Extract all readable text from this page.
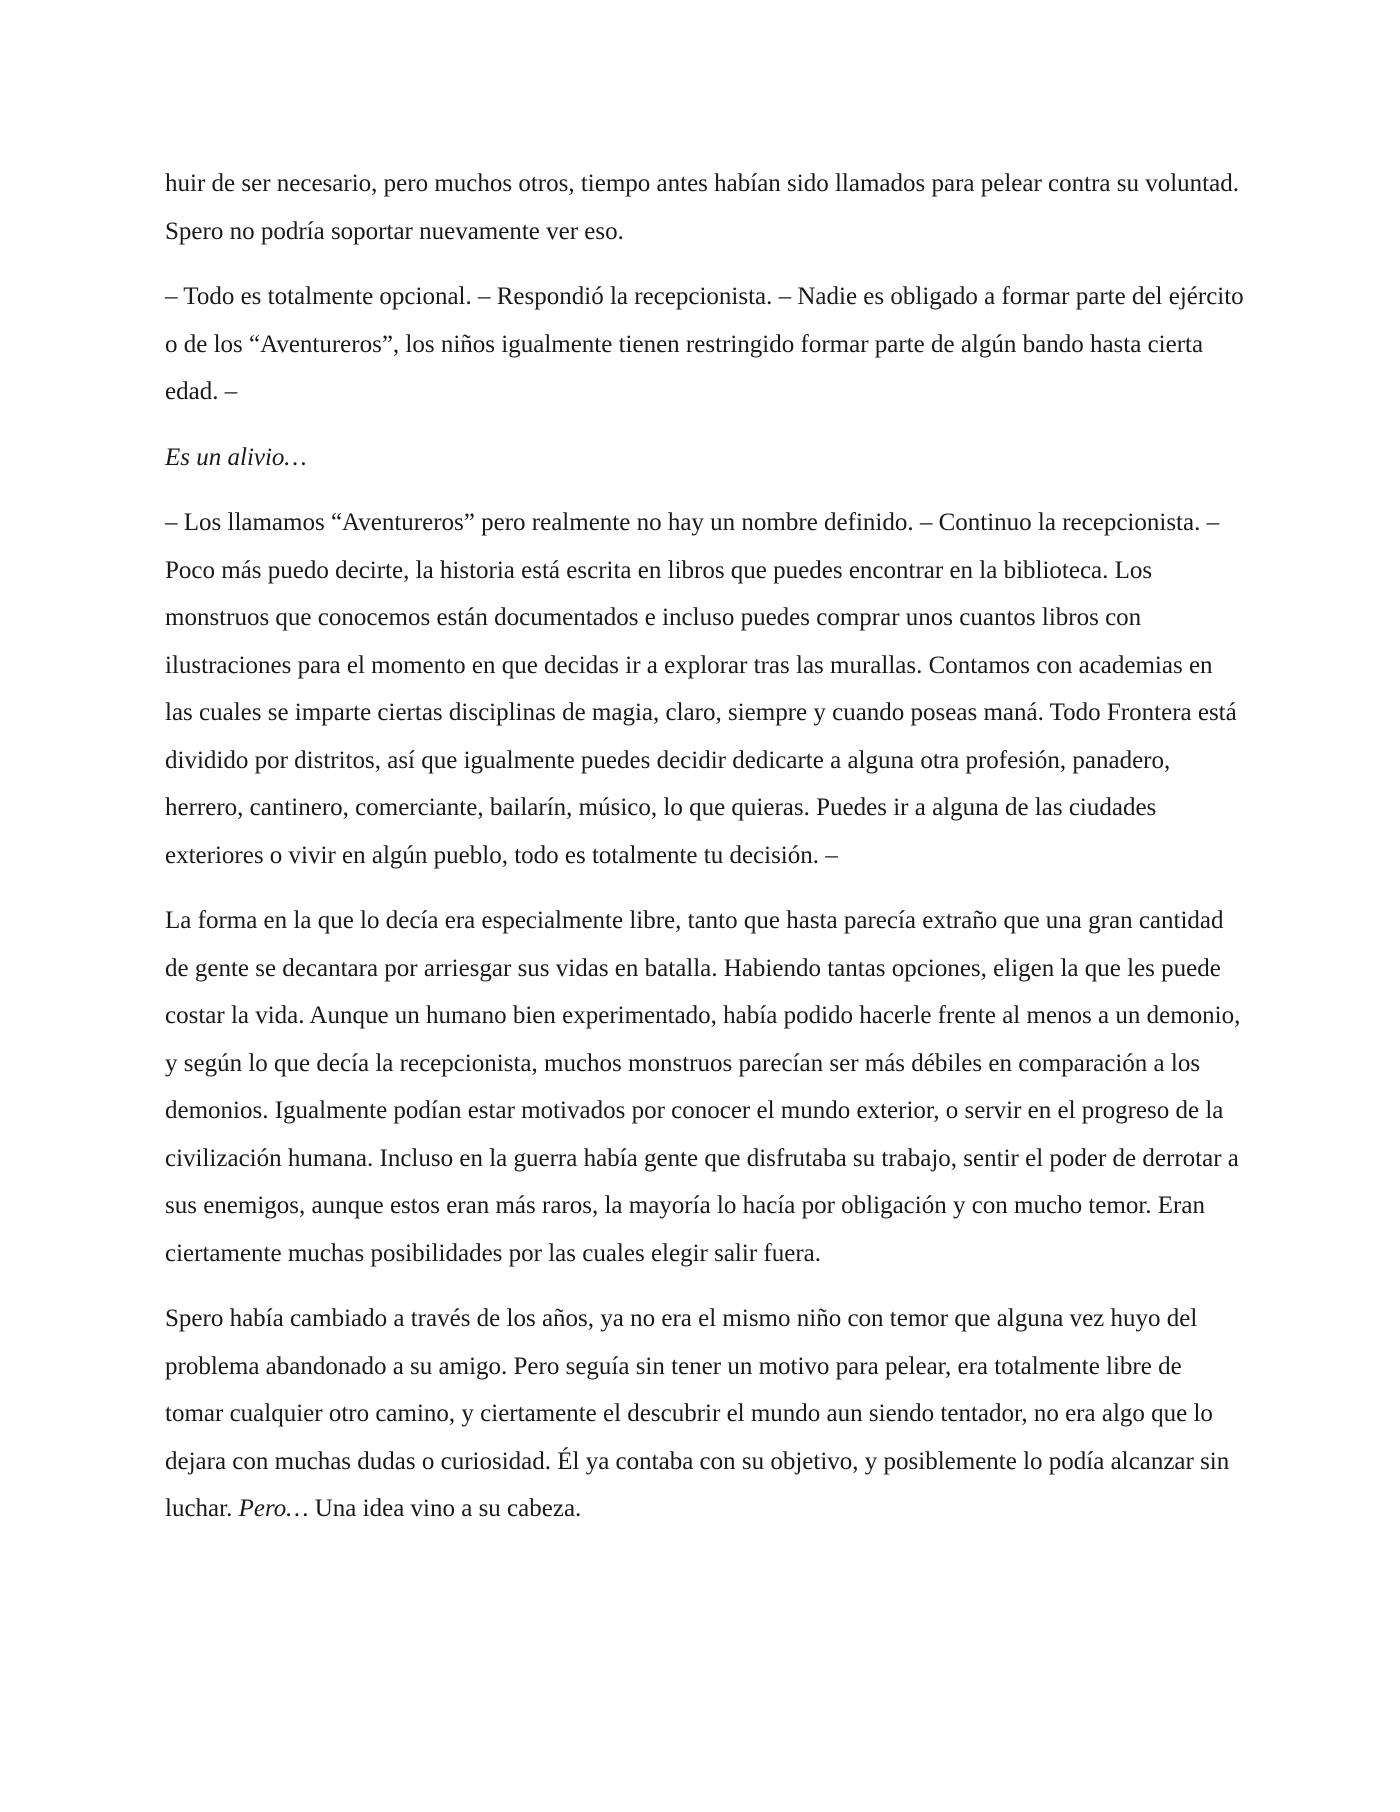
huir de ser necesario, pero muchos otros, tiempo antes habían sido llamados para pelear contra su voluntad. Spero no podría soportar nuevamente ver eso.

– Todo es totalmente opcional. – Respondió la recepcionista. – Nadie es obligado a formar parte del ejército o de los “Aventureros”, los niños igualmente tienen restringido formar parte de algún bando hasta cierta edad. –

Es un alivio…

– Los llamamos “Aventureros” pero realmente no hay un nombre definido. – Continuo la recepcionista. – Poco más puedo decirte, la historia está escrita en libros que puedes encontrar en la biblioteca. Los monstruos que conocemos están documentados e incluso puedes comprar unos cuantos libros con ilustraciones para el momento en que decidas ir a explorar tras las murallas. Contamos con academias en las cuales se imparte ciertas disciplinas de magia, claro, siempre y cuando poseas maná. Todo Frontera está dividido por distritos, así que igualmente puedes decidir dedicarte a alguna otra profesión, panadero, herrero, cantinero, comerciante, bailarín, músico, lo que quieras. Puedes ir a alguna de las ciudades exteriores o vivir en algún pueblo, todo es totalmente tu decisión. –

La forma en la que lo decía era especialmente libre, tanto que hasta parecía extraño que una gran cantidad de gente se decantara por arriesgar sus vidas en batalla. Habiendo tantas opciones, eligen la que les puede costar la vida. Aunque un humano bien experimentado, había podido hacerle frente al menos a un demonio, y según lo que decía la recepcionista, muchos monstruos parecían ser más débiles en comparación a los demonios. Igualmente podían estar motivados por conocer el mundo exterior, o servir en el progreso de la civilización humana. Incluso en la guerra había gente que disfrutaba su trabajo, sentir el poder de derrotar a sus enemigos, aunque estos eran más raros, la mayoría lo hacía por obligación y con mucho temor. Eran ciertamente muchas posibilidades por las cuales elegir salir fuera.

Spero había cambiado a través de los años, ya no era el mismo niño con temor que alguna vez huyo del problema abandonado a su amigo. Pero seguía sin tener un motivo para pelear, era totalmente libre de tomar cualquier otro camino, y ciertamente el descubrir el mundo aun siendo tentador, no era algo que lo dejara con muchas dudas o curiosidad. Él ya contaba con su objetivo, y posiblemente lo podía alcanzar sin luchar. Pero… Una idea vino a su cabeza.
